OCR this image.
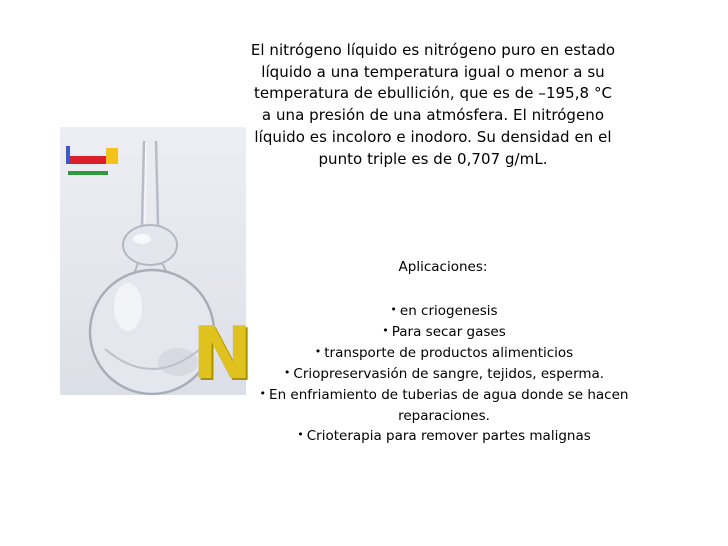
N

El nitrógeno líquido es nitrógeno puro en estado líquido a una temperatura igual o menor a su temperatura de ebullición, que es de –195,8 °C a una presión de una atmósfera. El nitrógeno líquido es incoloro e inodoro. Su densidad en el punto triple es de 0,707 g/mL.

Aplicaciones:

• en criogenesis
• Para secar gases
• transporte de productos alimenticios
• Criopreservasión de sangre, tejidos, esperma.
• En enfriamiento de tuberias de agua donde se hacen reparaciones.
• Crioterapia para remover partes malignas
